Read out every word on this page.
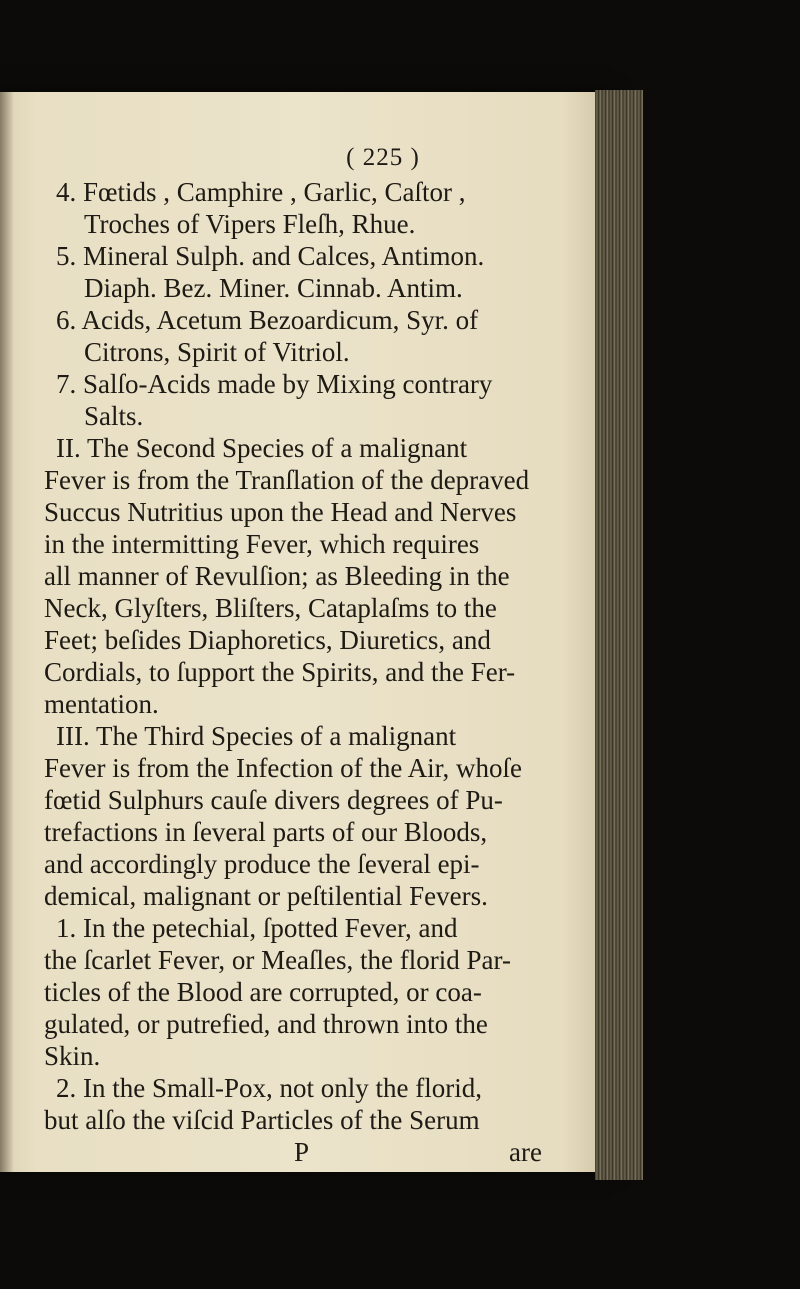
( 225 )
4. Fœtids , Camphire , Garlic, Caſtor ,
Troches of Vipers Fleſh, Rhue.
5. Mineral Sulph. and Calces, Antimon.
Diaph. Bez. Miner. Cinnab. Antim.
6. Acids, Acetum Bezoardicum, Syr. of
Citrons, Spirit of Vitriol.
7. Salſo-Acids made by Mixing contrary
Salts.
II. The Second Species of a malignant
Fever is from the Tranſlation of the depraved
Succus Nutritius upon the Head and Nerves
in the intermitting Fever, which requires
all manner of Revulſion; as Bleeding in the
Neck, Glyſters, Bliſters, Cataplaſms to the
Feet; beſides Diaphoretics, Diuretics, and
Cordials, to ſupport the Spirits, and the Fer-
mentation.
III. The Third Species of a malignant
Fever is from the Infection of the Air, whoſe
fœtid Sulphurs cauſe divers degrees of Pu-
trefactions in ſeveral parts of our Bloods,
and accordingly produce the ſeveral epi-
demical, malignant or peſtilential Fevers.
1. In the petechial, ſpotted Fever, and
the ſcarlet Fever, or Meaſles, the florid Par-
ticles of the Blood are corrupted, or coa-
gulated, or putrefied, and thrown into the
Skin.
2. In the Small-Pox, not only the florid,
but alſo the viſcid Particles of the Serum
P	are
